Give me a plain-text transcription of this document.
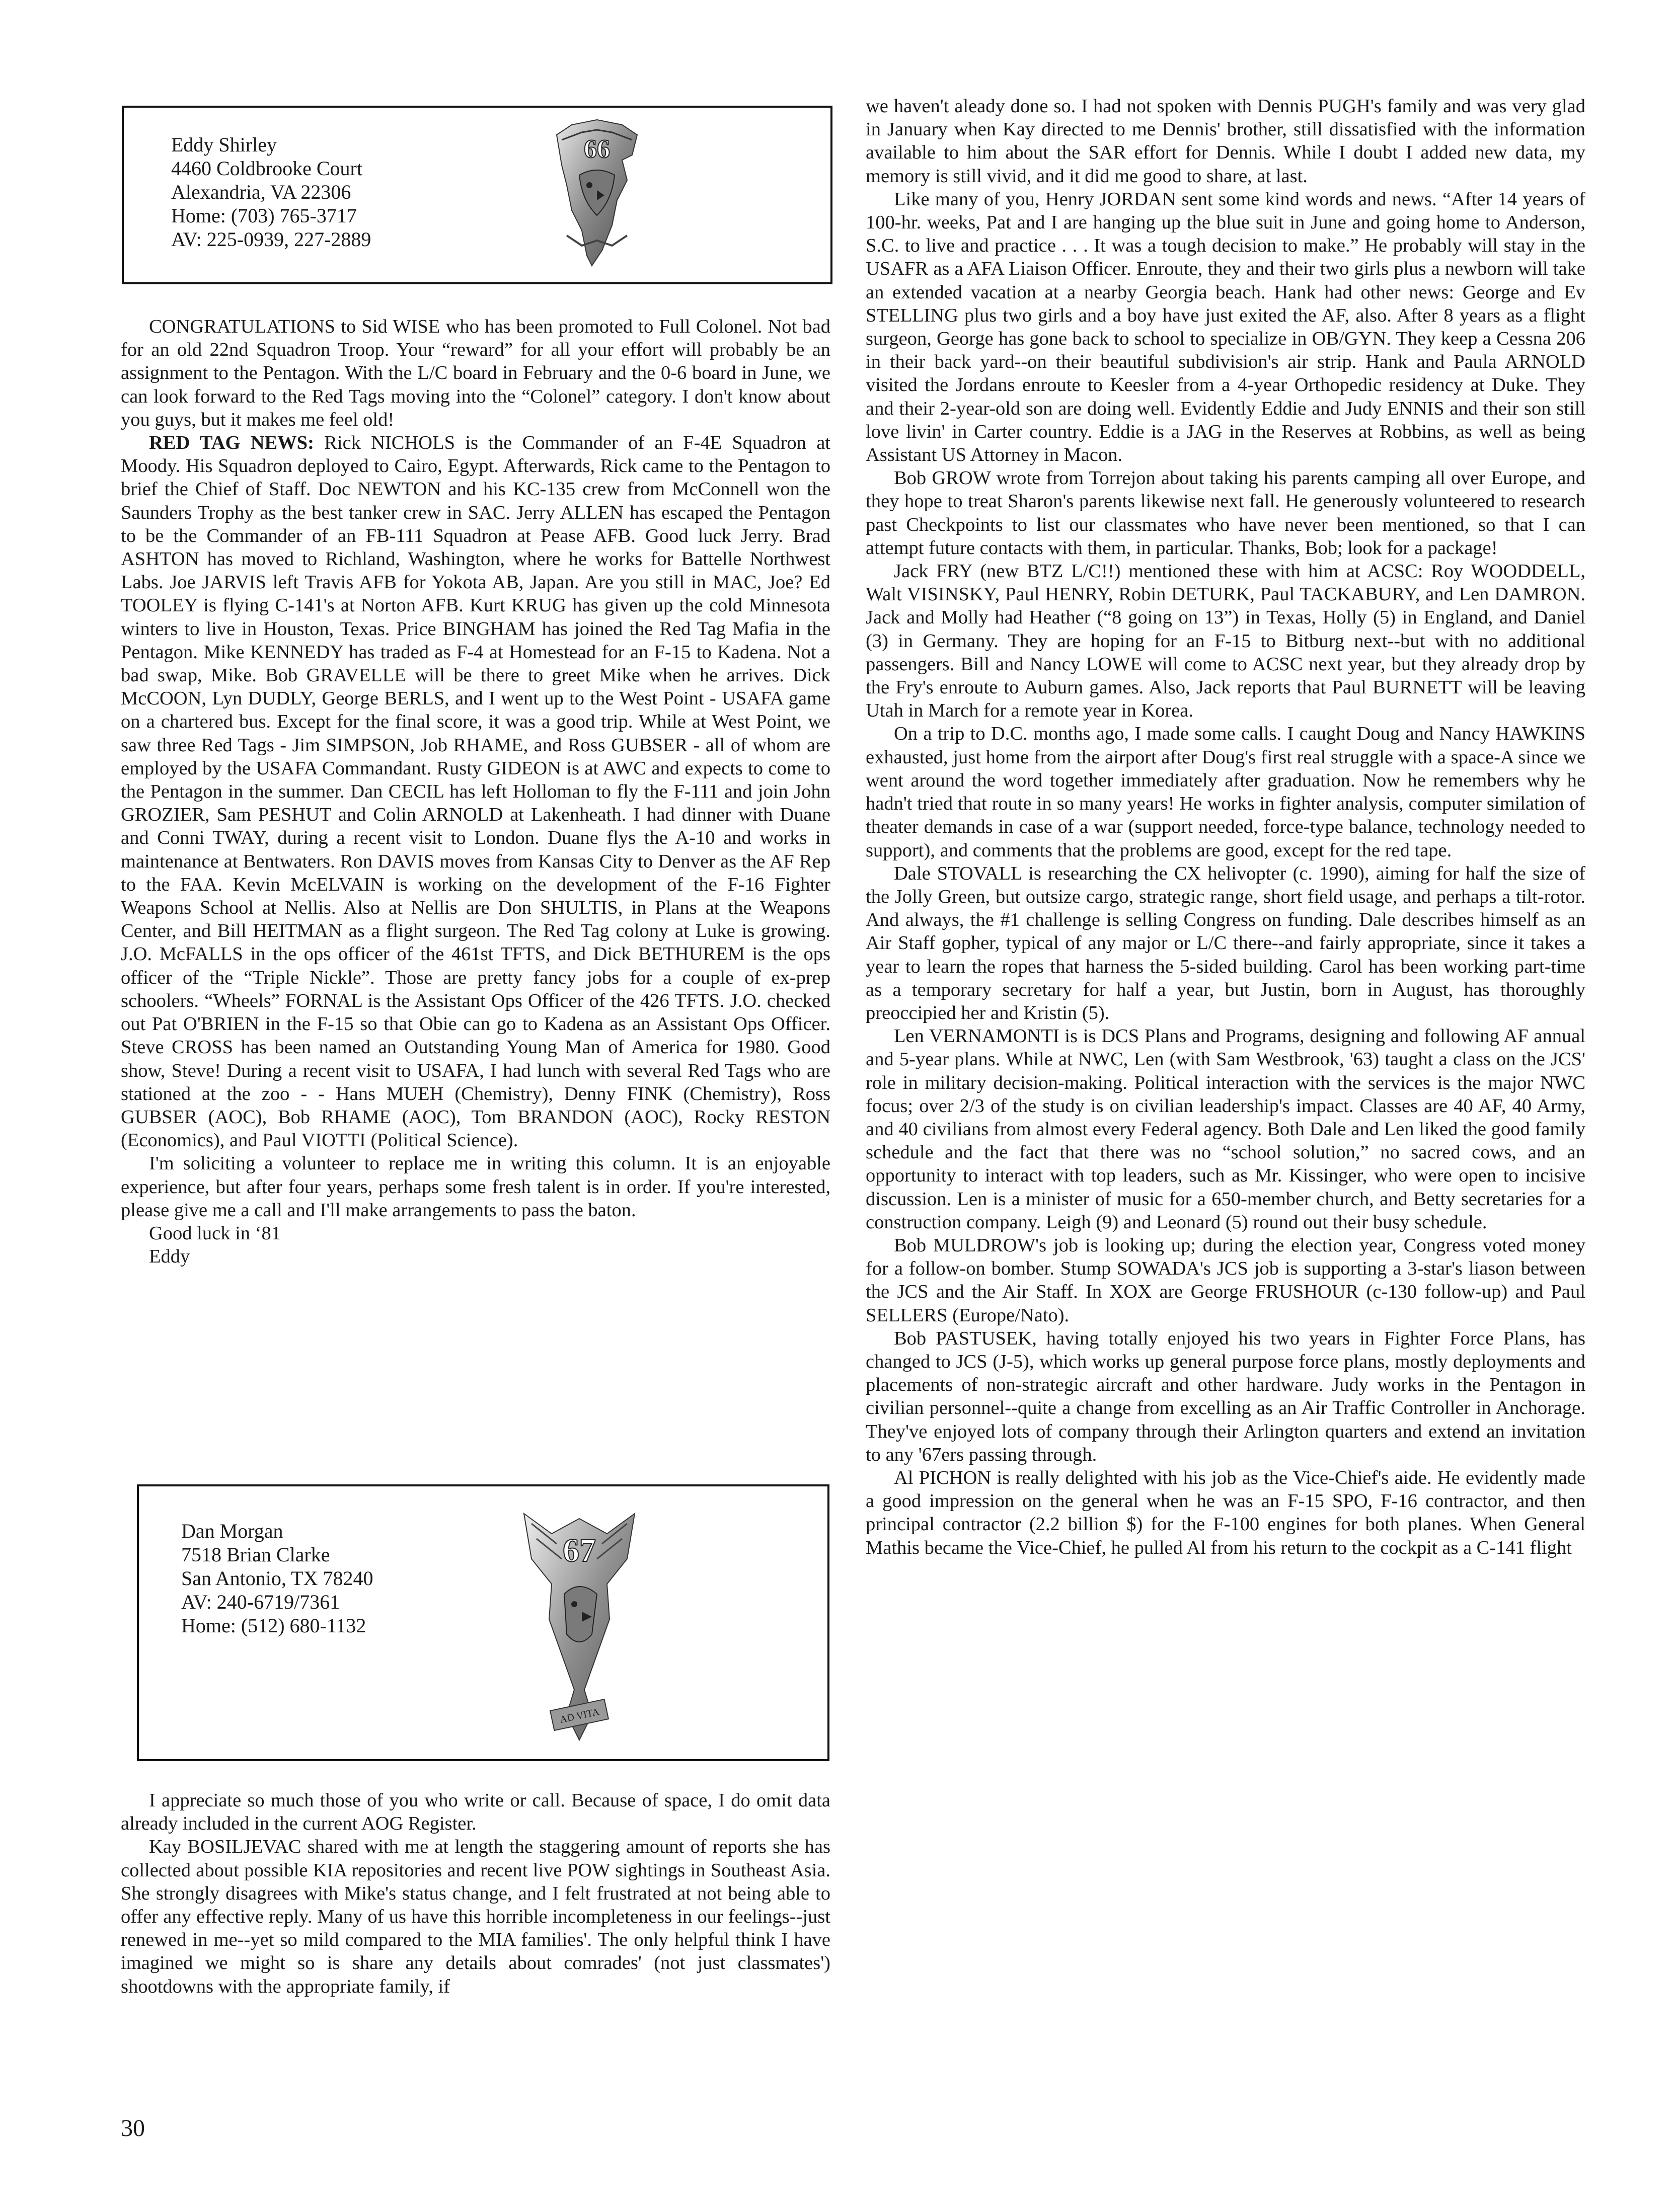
Eddy Shirley
4460 Coldbrooke Court
Alexandria, VA 22306
Home: (703) 765-3717
AV: 225-0939, 227-2889
66

CONGRATULATIONS to Sid WISE who has been promoted to Full Colonel. Not bad for an old 22nd Squadron Troop. Your “reward” for all your effort will probably be an assignment to the Pentagon. With the L/C board in February and the 0-6 board in June, we can look forward to the Red Tags moving into the “Colonel” category. I don't know about you guys, but it makes me feel old!

RED TAG NEWS: Rick NICHOLS is the Commander of an F-4E Squadron at Moody. His Squadron deployed to Cairo, Egypt. Afterwards, Rick came to the Pentagon to brief the Chief of Staff. Doc NEWTON and his KC-135 crew from McConnell won the Saunders Trophy as the best tanker crew in SAC. Jerry ALLEN has escaped the Pentagon to be the Commander of an FB-111 Squadron at Pease AFB. Good luck Jerry. Brad ASHTON has moved to Richland, Washington, where he works for Battelle Northwest Labs. Joe JARVIS left Travis AFB for Yokota AB, Japan. Are you still in MAC, Joe? Ed TOOLEY is flying C-141's at Norton AFB. Kurt KRUG has given up the cold Minnesota winters to live in Houston, Texas. Price BINGHAM has joined the Red Tag Mafia in the Pentagon. Mike KENNEDY has traded as F-4 at Homestead for an F-15 to Kadena. Not a bad swap, Mike. Bob GRAVELLE will be there to greet Mike when he arrives. Dick McCOON, Lyn DUDLY, George BERLS, and I went up to the West Point - USAFA game on a chartered bus. Except for the final score, it was a good trip. While at West Point, we saw three Red Tags - Jim SIMPSON, Job RHAME, and Ross GUBSER - all of whom are employed by the USAFA Commandant. Rusty GIDEON is at AWC and expects to come to the Pentagon in the summer. Dan CECIL has left Holloman to fly the F-111 and join John GROZIER, Sam PESHUT and Colin ARNOLD at Lakenheath. I had dinner with Duane and Conni TWAY, during a recent visit to London. Duane flys the A-10 and works in maintenance at Bentwaters. Ron DAVIS moves from Kansas City to Denver as the AF Rep to the FAA. Kevin McELVAIN is working on the development of the F-16 Fighter Weapons School at Nellis. Also at Nellis are Don SHULTIS, in Plans at the Weapons Center, and Bill HEITMAN as a flight surgeon. The Red Tag colony at Luke is growing. J.O. McFALLS in the ops officer of the 461st TFTS, and Dick BETHUREM is the ops officer of the “Triple Nickle”. Those are pretty fancy jobs for a couple of ex-prep schoolers. “Wheels” FORNAL is the Assistant Ops Officer of the 426 TFTS. J.O. checked out Pat O'BRIEN in the F-15 so that Obie can go to Kadena as an Assistant Ops Officer. Steve CROSS has been named an Outstanding Young Man of America for 1980. Good show, Steve! During a recent visit to USAFA, I had lunch with several Red Tags who are stationed at the zoo - - Hans MUEH (Chemistry), Denny FINK (Chemistry), Ross GUBSER (AOC), Bob RHAME (AOC), Tom BRANDON (AOC), Rocky RESTON (Economics), and Paul VIOTTI (Political Science).

I'm soliciting a volunteer to replace me in writing this column. It is an enjoyable experience, but after four years, perhaps some fresh talent is in order. If you're interested, please give me a call and I'll make arrangements to pass the baton.

Good luck in ‘81

Eddy

Dan Morgan
7518 Brian Clarke
San Antonio, TX 78240
AV: 240-6719/7361
Home: (512) 680-1132
67
AD VITA

I appreciate so much those of you who write or call. Because of space, I do omit data already included in the current AOG Register.

Kay BOSILJEVAC shared with me at length the staggering amount of reports she has collected about possible KIA repositories and recent live POW sightings in Southeast Asia. She strongly disagrees with Mike's status change, and I felt frustrated at not being able to offer any effective reply. Many of us have this horrible incompleteness in our feelings--just renewed in me--yet so mild compared to the MIA families'. The only helpful think I have imagined we might so is share any details about comrades' (not just classmates') shootdowns with the appropriate family, if

we haven't aleady done so. I had not spoken with Dennis PUGH's family and was very glad in January when Kay directed to me Dennis' brother, still dissatisfied with the information available to him about the SAR effort for Dennis. While I doubt I added new data, my memory is still vivid, and it did me good to share, at last.

Like many of you, Henry JORDAN sent some kind words and news. “After 14 years of 100-hr. weeks, Pat and I are hanging up the blue suit in June and going home to Anderson, S.C. to live and practice . . . It was a tough decision to make.” He probably will stay in the USAFR as a AFA Liaison Officer. Enroute, they and their two girls plus a newborn will take an extended vacation at a nearby Georgia beach. Hank had other news: George and Ev STELLING plus two girls and a boy have just exited the AF, also. After 8 years as a flight surgeon, George has gone back to school to specialize in OB/GYN. They keep a Cessna 206 in their back yard--on their beautiful subdivision's air strip. Hank and Paula ARNOLD visited the Jordans enroute to Keesler from a 4-year Orthopedic residency at Duke. They and their 2-year-old son are doing well. Evidently Eddie and Judy ENNIS and their son still love livin' in Carter country. Eddie is a JAG in the Reserves at Robbins, as well as being Assistant US Attorney in Macon.

Bob GROW wrote from Torrejon about taking his parents camping all over Europe, and they hope to treat Sharon's parents likewise next fall. He generously volunteered to research past Checkpoints to list our classmates who have never been mentioned, so that I can attempt future contacts with them, in particular. Thanks, Bob; look for a package!

Jack FRY (new BTZ L/C!!) mentioned these with him at ACSC: Roy WOODDELL, Walt VISINSKY, Paul HENRY, Robin DETURK, Paul TACKABURY, and Len DAMRON. Jack and Molly had Heather (“8 going on 13”) in Texas, Holly (5) in England, and Daniel (3) in Germany. They are hoping for an F-15 to Bitburg next--but with no additional passengers. Bill and Nancy LOWE will come to ACSC next year, but they already drop by the Fry's enroute to Auburn games. Also, Jack reports that Paul BURNETT will be leaving Utah in March for a remote year in Korea.

On a trip to D.C. months ago, I made some calls. I caught Doug and Nancy HAWKINS exhausted, just home from the airport after Doug's first real struggle with a space-A since we went around the word together immediately after graduation. Now he remembers why he hadn't tried that route in so many years! He works in fighter analysis, computer similation of theater demands in case of a war (support needed, force-type balance, technology needed to support), and comments that the problems are good, except for the red tape.

Dale STOVALL is researching the CX helivopter (c. 1990), aiming for half the size of the Jolly Green, but outsize cargo, strategic range, short field usage, and perhaps a tilt-rotor. And always, the #1 challenge is selling Congress on funding. Dale describes himself as an Air Staff gopher, typical of any major or L/C there--and fairly appropriate, since it takes a year to learn the ropes that harness the 5-sided building. Carol has been working part-time as a temporary secretary for half a year, but Justin, born in August, has thoroughly preoccipied her and Kristin (5).

Len VERNAMONTI is is DCS Plans and Programs, designing and following AF annual and 5-year plans. While at NWC, Len (with Sam Westbrook, '63) taught a class on the JCS' role in military decision-making. Political interaction with the services is the major NWC focus; over 2/3 of the study is on civilian leadership's impact. Classes are 40 AF, 40 Army, and 40 civilians from almost every Federal agency. Both Dale and Len liked the good family schedule and the fact that there was no “school solution,” no sacred cows, and an opportunity to interact with top leaders, such as Mr. Kissinger, who were open to incisive discussion. Len is a minister of music for a 650-member church, and Betty secretaries for a construction company. Leigh (9) and Leonard (5) round out their busy schedule.

Bob MULDROW's job is looking up; during the election year, Congress voted money for a follow-on bomber. Stump SOWADA's JCS job is supporting a 3-star's liason between the JCS and the Air Staff. In XOX are George FRUSHOUR (c-130 follow-up) and Paul SELLERS (Europe/Nato).

Bob PASTUSEK, having totally enjoyed his two years in Fighter Force Plans, has changed to JCS (J-5), which works up general purpose force plans, mostly deployments and placements of non-strategic aircraft and other hardware. Judy works in the Pentagon in civilian personnel--quite a change from excelling as an Air Traffic Controller in Anchorage. They've enjoyed lots of company through their Arlington quarters and extend an invitation to any '67ers passing through.

Al PICHON is really delighted with his job as the Vice-Chief's aide. He evidently made a good impression on the general when he was an F-15 SPO, F-16 contractor, and then principal contractor (2.2 billion $) for the F-100 engines for both planes. When General Mathis became the Vice-Chief, he pulled Al from his return to the cockpit as a C-141 flight

30
